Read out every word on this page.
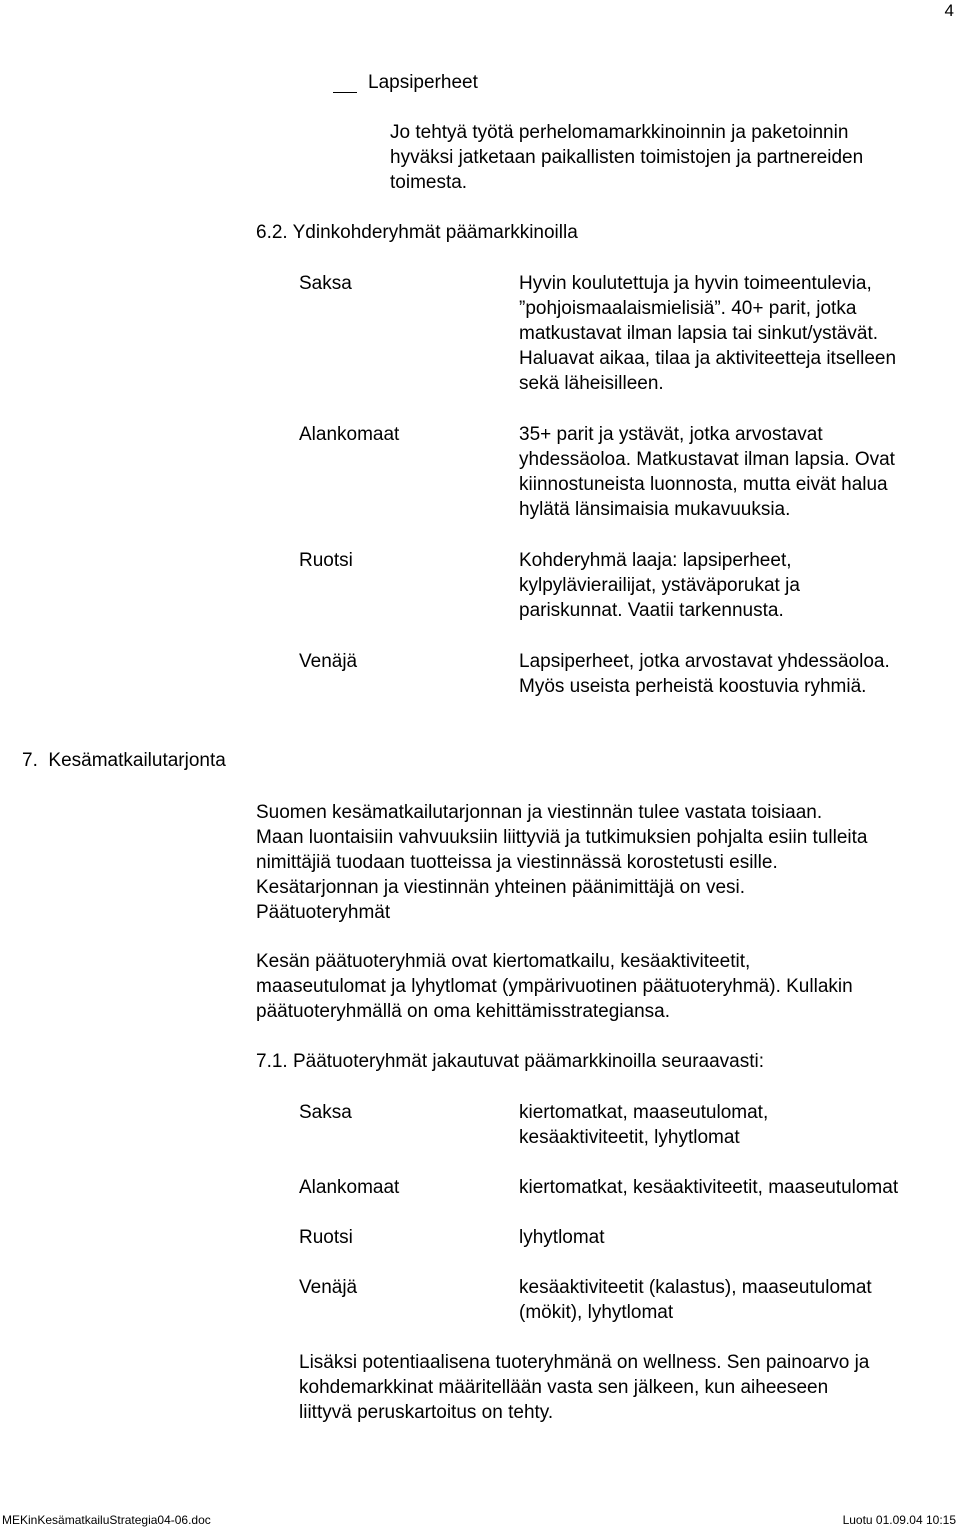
4
Lapsiperheet

Jo tehtyä työtä perhelomamarkkinoinnin ja paketoinnin

hyväksi jatketaan paikallisten toimistojen ja partnereiden

toimesta.

6.2. Ydinkohderyhmät päämarkkinoilla
Saksa	Hyvin koulutettuja ja hyvin toimeentulevia,

”pohjoismaalaismielisiä”. 40+ parit, jotka

matkustavat ilman lapsia tai sinkut/ystävät.

Haluavat aikaa, tilaa ja aktiviteetteja itselleen

sekä läheisilleen.

Alankomaat	35+ parit ja ystävät, jotka arvostavat

yhdessäoloa. Matkustavat ilman lapsia. Ovat

kiinnostuneista luonnosta, mutta eivät halua

hylätä länsimaisia mukavuuksia.

Ruotsi	Kohderyhmä laaja: lapsiperheet,

kylpylävierailijat, ystäväporukat ja

pariskunnat. Vaatii tarkennusta.

Venäjä	Lapsiperheet, jotka arvostavat yhdessäoloa.

Myös useista perheistä koostuvia ryhmiä.

7.  Kesämatkailutarjonta

Suomen kesämatkailutarjonnan ja viestinnän tulee vastata toisiaan.

Maan luontaisiin vahvuuksiin liittyviä ja tutkimuksien pohjalta esiin tulleita

nimittäjiä tuodaan tuotteissa ja viestinnässä korostetusti esille.

Kesätarjonnan ja viestinnän yhteinen päänimittäjä on vesi.

Päätuoteryhmät

Kesän päätuoteryhmiä ovat kiertomatkailu, kesäaktiviteetit,

maaseutulomat ja lyhytlomat (ympärivuotinen päätuoteryhmä). Kullakin

päätuoteryhmällä on oma kehittämisstrategiansa.

7.1. Päätuoteryhmät jakautuvat päämarkkinoilla seuraavasti:
Saksa	kiertomatkat, maaseutulomat,

kesäaktiviteetit, lyhytlomat

Alankomaat	kiertomatkat, kesäaktiviteetit, maaseutulomat

Ruotsi	lyhytlomat

Venäjä	kesäaktiviteetit (kalastus), maaseutulomat

(mökit), lyhytlomat

Lisäksi potentiaalisena tuoteryhmänä on wellness. Sen painoarvo ja

kohdemarkkinat määritellään vasta sen jälkeen, kun aiheeseen

liittyvä peruskartoitus on tehty.

MEKinKesämatkailuStrategia04-06.doc	Luotu 01.09.04 10:15
